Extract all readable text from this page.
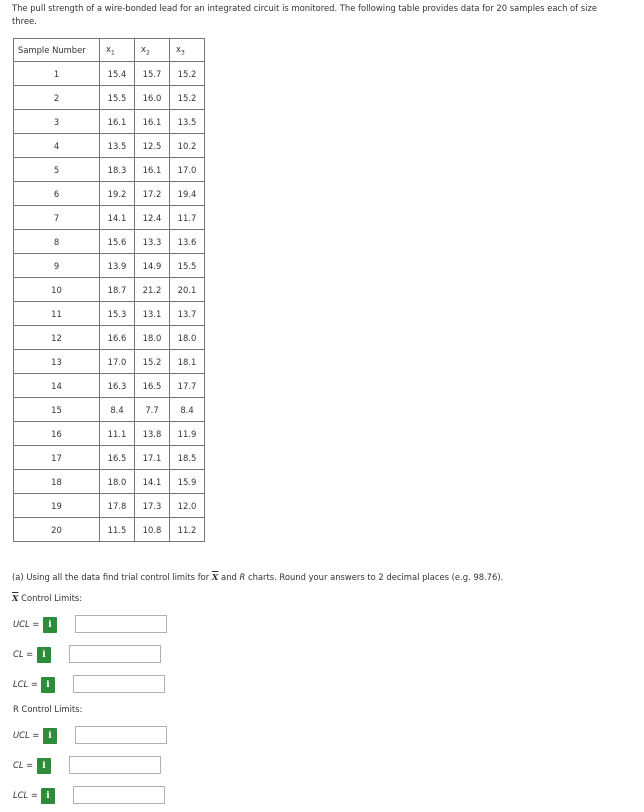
The pull strength of a wire-bonded lead for an integrated circuit is monitored. The following table provides data for 20 samples each of size three.
Sample Number	$x_1$	$x_2$	$x_3$
1	15.4	15.7	15.2
2	15.5	16.0	15.2
3	16.1	16.1	13.5
4	13.5	12.5	10.2
5	18.3	16.1	17.0
6	19.2	17.2	19.4
7	14.1	12.4	11.7
8	15.6	13.3	13.6
9	13.9	14.9	15.5
10	18.7	21.2	20.1
11	15.3	13.1	13.7
12	16.6	18.0	18.0
13	17.0	15.2	18.1
14	16.3	16.5	17.7
15	8.4	7.7	8.4
16	11.1	13.8	11.9
17	16.5	17.1	18.5
18	18.0	14.1	15.9
19	17.8	17.3	12.0
20	11.5	10.8	11.2
(a) Using all the data find trial control limits for $\overline{X}$ and R charts. Round your answers to 2 decimal places (e.g. 98.76).
$\overline{X}$ Control Limits:
UCL = i
CL =	i
LCL = i
R Control Limits:
UCL = i
CL =	i
LCL = i
